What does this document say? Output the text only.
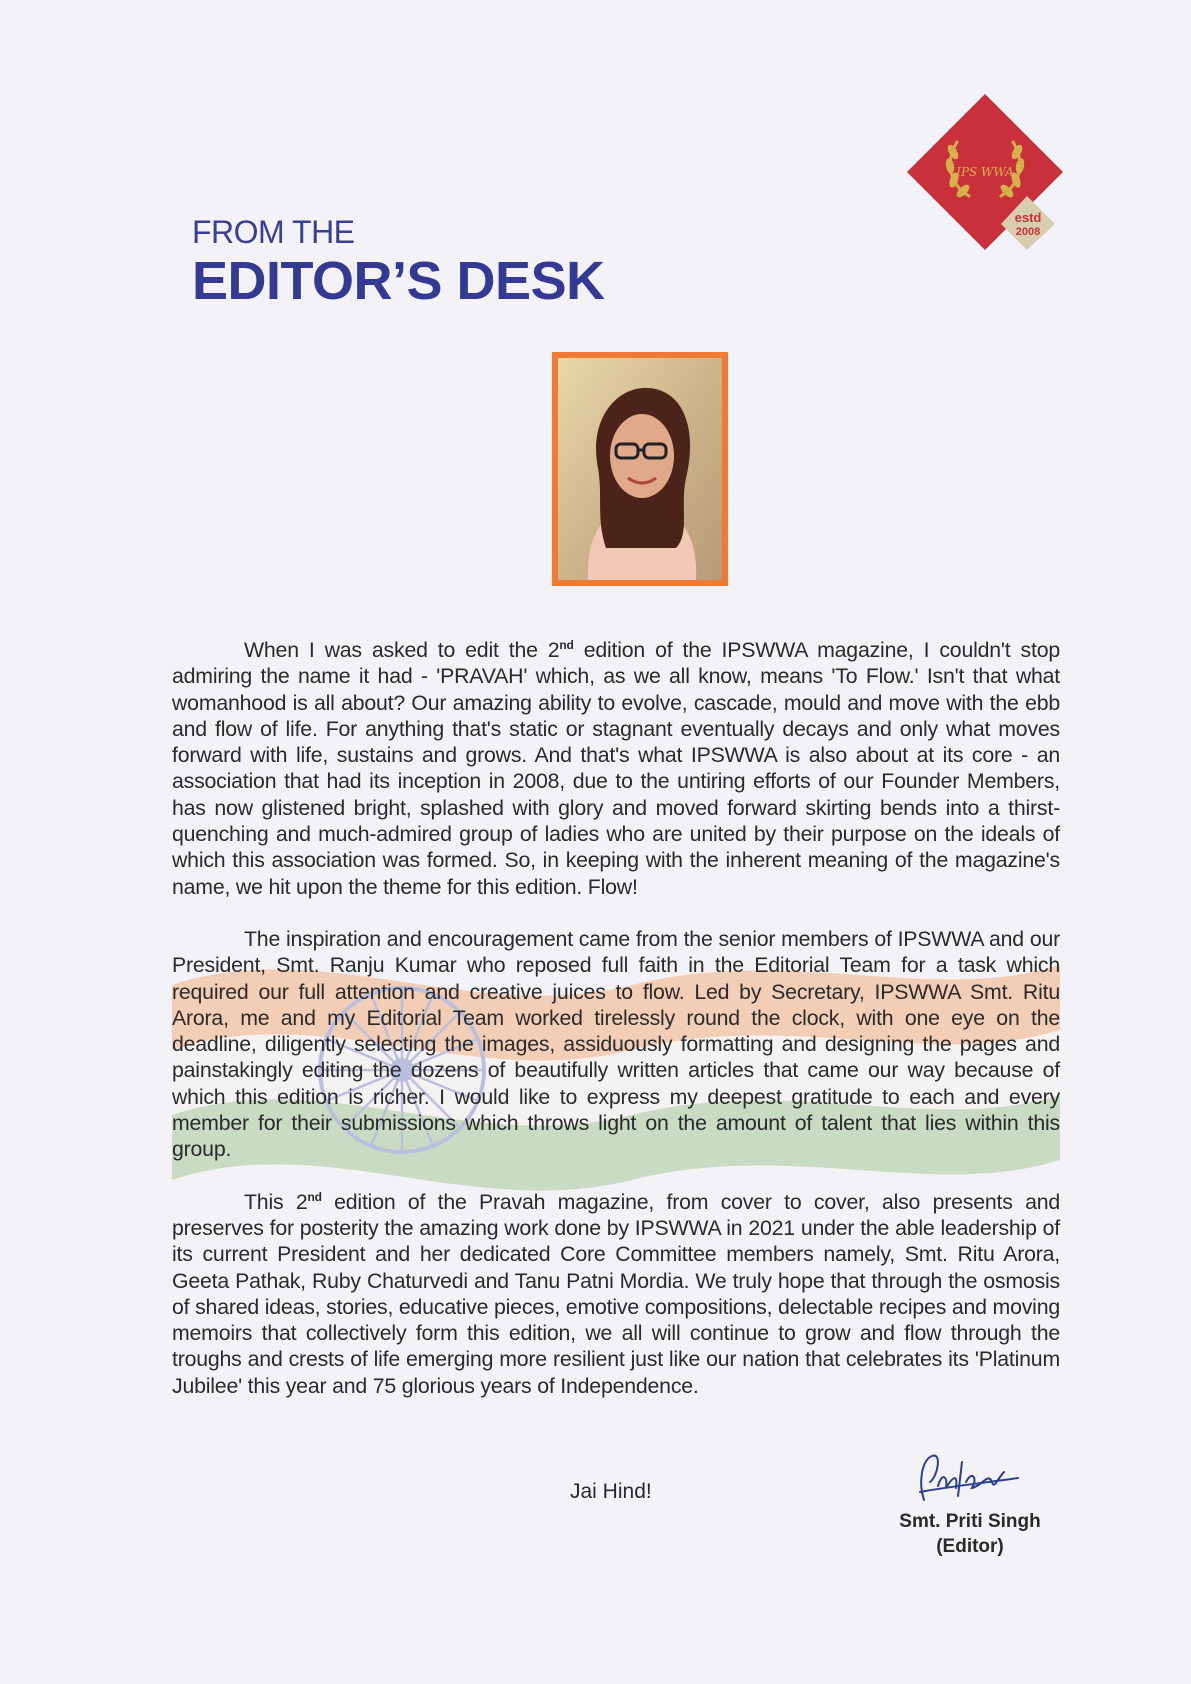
FROM THE
EDITOR’S DESK
IPS WWA
estd
2008

When I was asked to edit the 2nd edition of the IPSWWA magazine, I couldn't stop admiring the name it had - 'PRAVAH' which, as we all know, means 'To Flow.' Isn't that what womanhood is all about? Our amazing ability to evolve, cascade, mould and move with the ebb and flow of life. For anything that's static or stagnant eventually decays and only what moves forward with life, sustains and grows. And that's what IPSWWA is also about at its core - an association that had its inception in 2008, due to the untiring efforts of our Founder Members, has now glistened bright, splashed with glory and moved forward skirting bends into a thirst-quenching and much-admired group of ladies who are united by their purpose on the ideals of which this association was formed. So, in keeping with the inherent meaning of the magazine's name, we hit upon the theme for this edition. Flow!

The inspiration and encouragement came from the senior members of IPSWWA and our President, Smt. Ranju Kumar who reposed full faith in the Editorial Team for a task which required our full attention and creative juices to flow. Led by Secretary, IPSWWA Smt. Ritu Arora, me and my Editorial Team worked tirelessly round the clock, with one eye on the deadline, diligently selecting the images, assiduously formatting and designing the pages and painstakingly editing the dozens of beautifully written articles that came our way because of which this edition is richer. I would like to express my deepest gratitude to each and every member for their submissions which throws light on the amount of talent that lies within this group.

This 2nd edition of the Pravah magazine, from cover to cover, also presents and preserves for posterity the amazing work done by IPSWWA in 2021 under the able leadership of its current President and her dedicated Core Committee members namely, Smt. Ritu Arora, Geeta Pathak, Ruby Chaturvedi and Tanu Patni Mordia. We truly hope that through the osmosis of shared ideas, stories, educative pieces, emotive compositions, delectable recipes and moving memoirs that collectively form this edition, we all will continue to grow and flow through the troughs and crests of life emerging more resilient just like our nation that celebrates its 'Platinum Jubilee' this year and 75 glorious years of Independence.

Jai Hind!
Smt. Priti Singh
(Editor)
